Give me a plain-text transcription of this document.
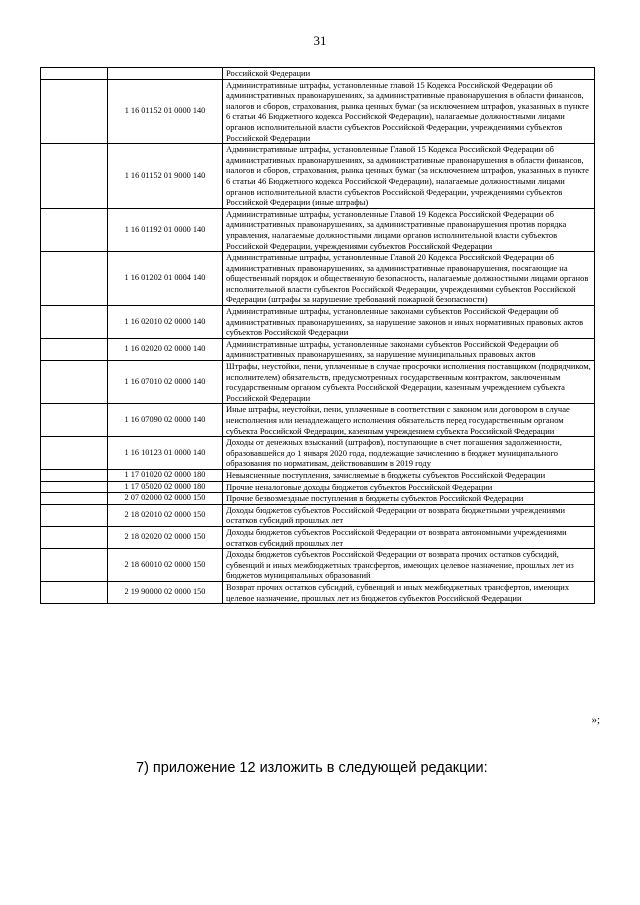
31
		Российской Федерации
	1 16 01152 01 0000 140	Административные штрафы, установленные главой 15 Кодекса Российской Федерации об административных правонарушениях, за административные правонарушения в области финансов, налогов и сборов, страхования, рынка ценных бумаг (за исключением штрафов, указанных в пункте 6 статьи 46 Бюджетного кодекса Российской Федерации), налагаемые должностными лицами органов исполнительной власти субъектов Российской Федерации, учреждениями субъектов Российской Федерации
	1 16 01152 01 9000 140	Административные штрафы, установленные Главой 15 Кодекса Российской Федерации об административных правонарушениях, за административные правонарушения в области финансов, налогов и сборов, страхования, рынка ценных бумаг (за исключением штрафов, указанных в пункте 6 статьи 46 Бюджетного кодекса Российской Федерации), налагаемые должностными лицами органов исполнительной власти субъектов Российской Федерации, учреждениями субъектов Российской Федерации (иные штрафы)
	1 16 01192 01 0000 140	Административные штрафы, установленные Главой 19 Кодекса Российской Федерации об административных правонарушениях, за административные правонарушения против порядка управления, налагаемые должностными лицами органов исполнительной власти субъектов Российской Федерации, учреждениями субъектов Российской Федерации
	1 16 01202 01 0004 140	Административные штрафы, установленные Главой 20 Кодекса Российской Федерации об административных правонарушениях, за административные правонарушения, посягающие на общественный порядок и общественную безопасность, налагаемые должностными лицами органов исполнительной власти субъектов Российской Федерации, учреждениями субъектов Российской Федерации (штрафы за нарушение требований пожарной безопасности)
	1 16 02010 02 0000 140	Административные штрафы, установленные законами субъектов Российской Федерации об административных правонарушениях, за нарушение законов и иных нормативных правовых актов субъектов Российской Федерации
	1 16 02020 02 0000 140	Административные штрафы, установленные законами субъектов Российской Федерации об административных правонарушениях, за нарушение муниципальных правовых актов
	1 16 07010 02 0000 140	Штрафы, неустойки, пени, уплаченные в случае просрочки исполнения поставщиком (подрядчиком, исполнителем) обязательств, предусмотренных государственным контрактом, заключенным государственным органом субъекта Российской Федерации, казенным учреждением субъекта Российской Федерации
	1 16 07090 02 0000 140	Иные штрафы, неустойки, пени, уплаченные в соответствии с законом или договором в случае неисполнения или ненадлежащего исполнения обязательств перед государственным органом субъекта Российской Федерации, казенным учреждением субъекта Российской Федерации
	1 16 10123 01 0000 140	Доходы от денежных взысканий (штрафов), поступающие в счет погашения задолженности, образовавшейся до 1 января 2020 года, подлежащие зачислению в бюджет муниципального образования по нормативам, действовавшим в 2019 году
	1 17 01020 02 0000 180	Невыясненные поступления, зачисляемые в бюджеты субъектов Российской Федерации
	1 17 05020 02 0000 180	Прочие неналоговые доходы бюджетов субъектов Российской Федерации
	2 07 02000 02 0000 150	Прочие безвозмездные поступления в бюджеты субъектов Российской Федерации
	2 18 02010 02 0000 150	Доходы бюджетов субъектов Российской Федерации от возврата бюджетными учреждениями остатков субсидий прошлых лет
	2 18 02020 02 0000 150	Доходы бюджетов субъектов Российской Федерации от возврата автономными учреждениями остатков субсидий прошлых лет
	2 18 60010 02 0000 150	Доходы бюджетов субъектов Российской Федерации от возврата прочих остатков субсидий, субвенций и иных межбюджетных трансфертов, имеющих целевое назначение, прошлых лет из бюджетов муниципальных образований
	2 19 90000 02 0000 150	Возврат прочих остатков субсидий, субвенций и иных межбюджетных трансфертов, имеющих целевое назначение, прошлых лет из бюджетов субъектов Российской Федерации
»;
7) приложение 12 изложить в следующей редакции:
